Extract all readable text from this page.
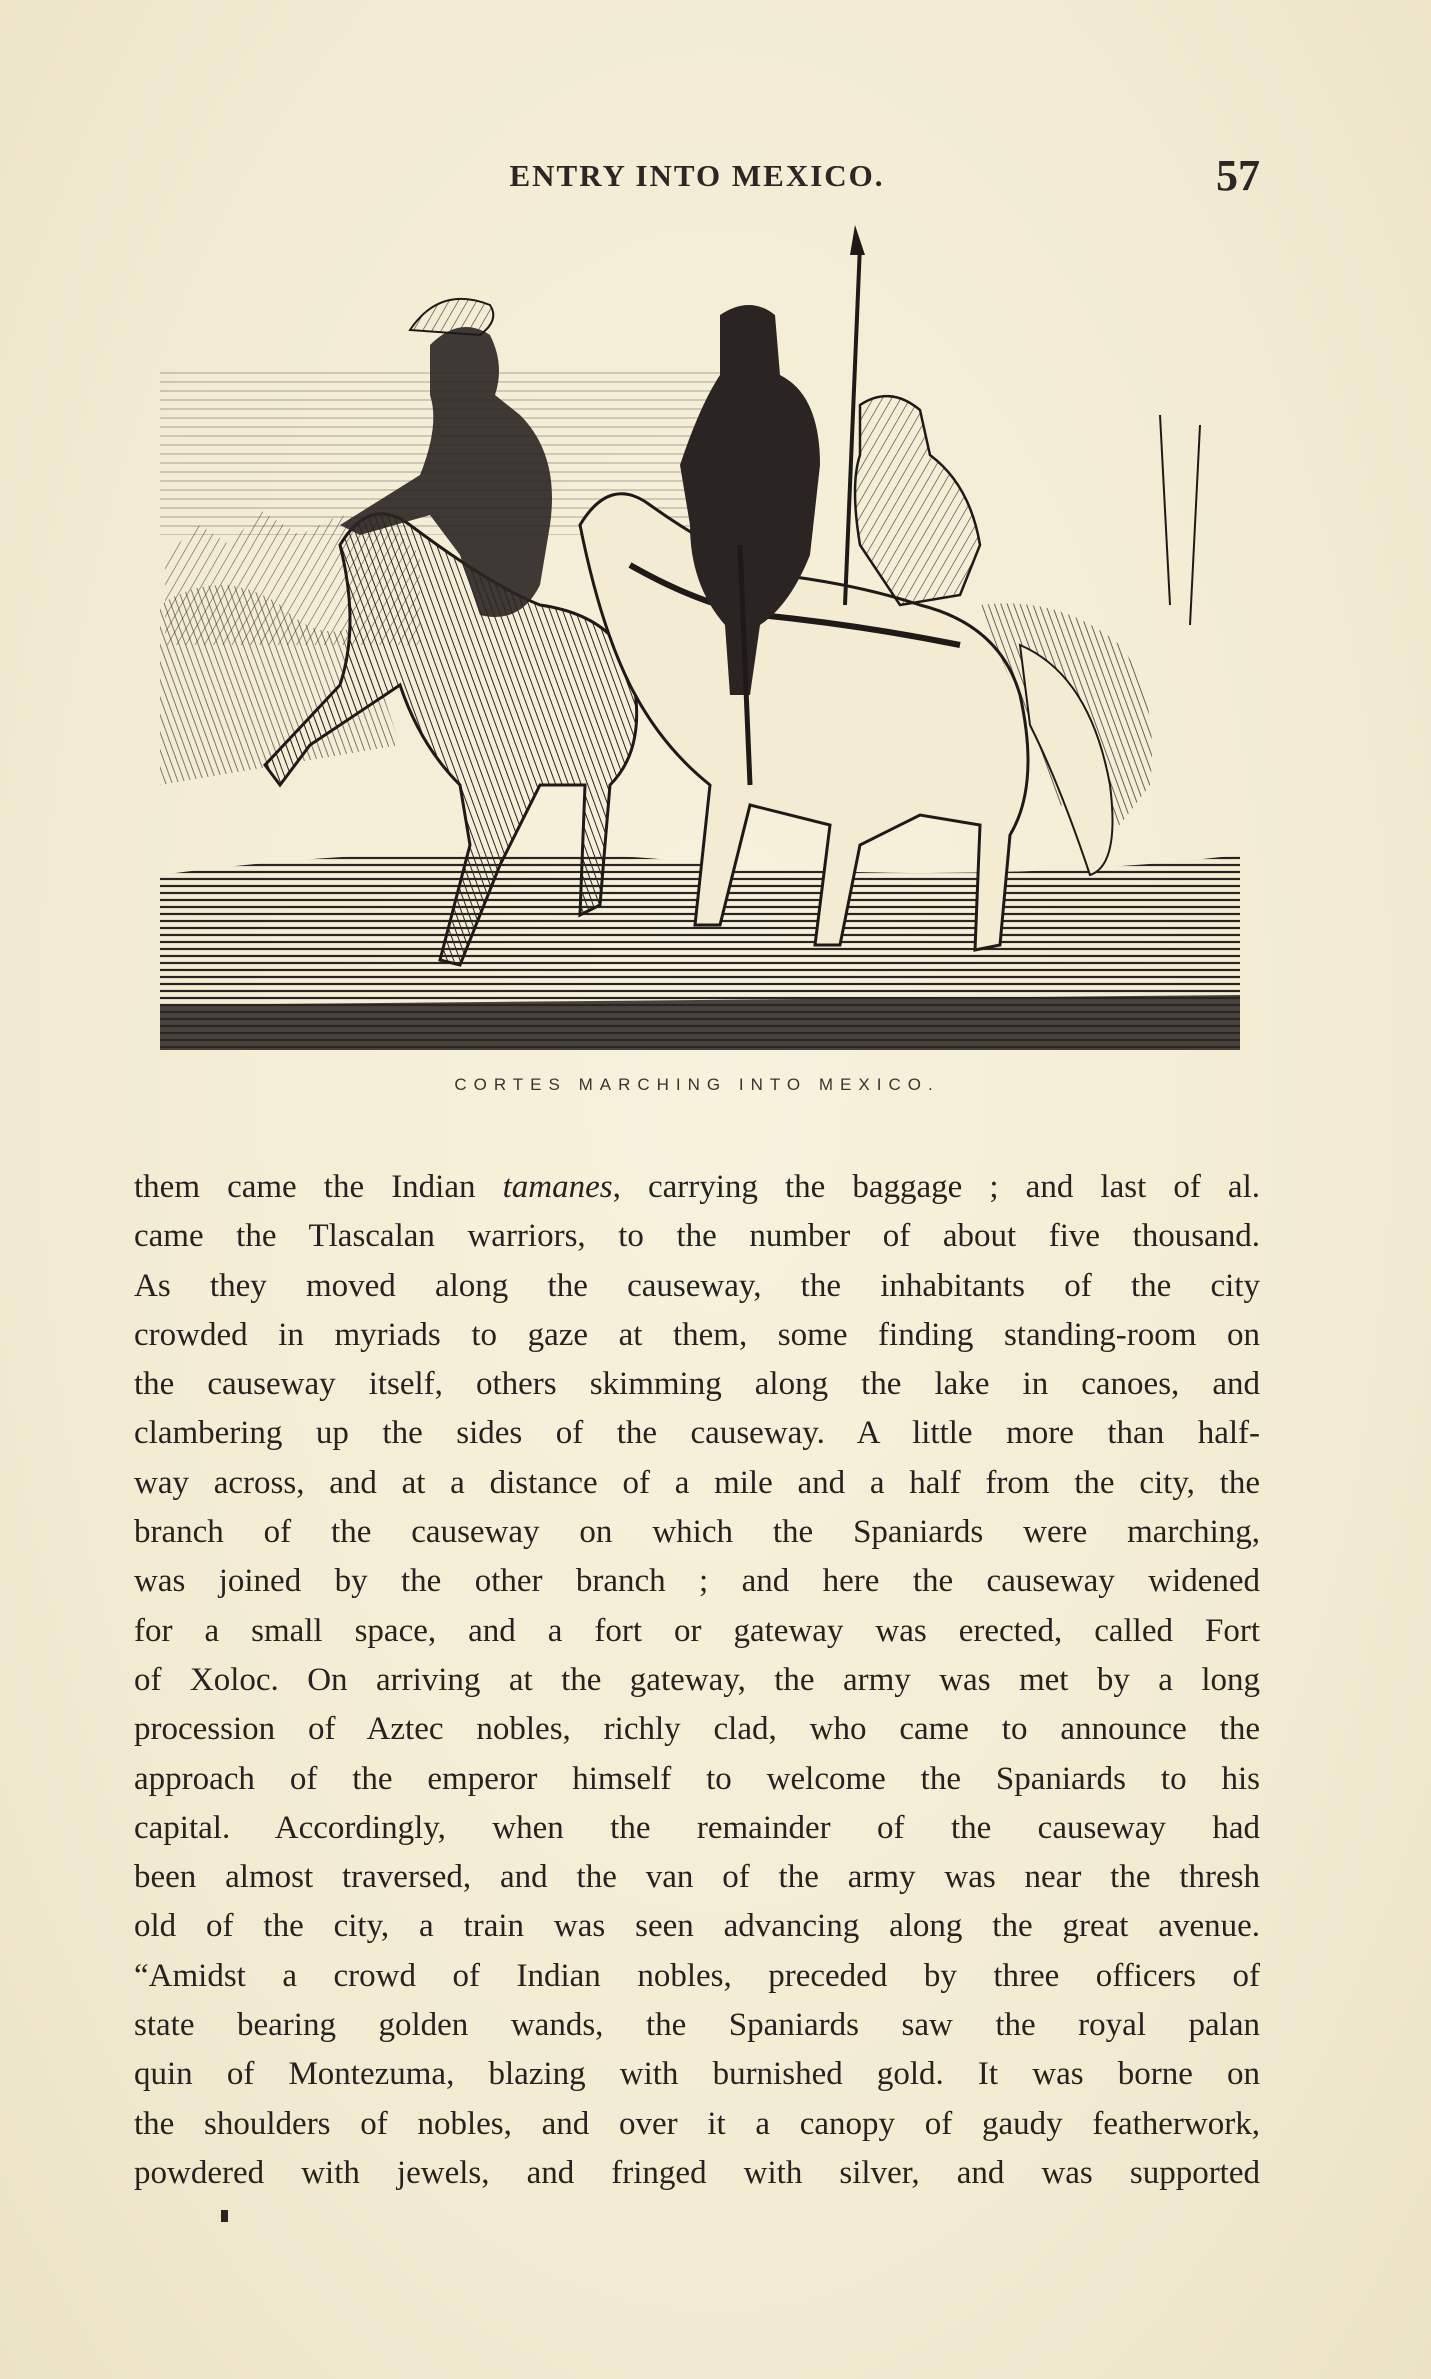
ENTRY INTO MEXICO.	57
CORTES MARCHING INTO MEXICO.
them came the Indian tamanes, carrying the baggage ; and last of al.
came the Tlascalan warriors, to the number of about five thousand.
As they moved along the causeway, the inhabitants of the city
crowded in myriads to gaze at them, some finding standing-room on
the causeway itself, others skimming along the lake in canoes, and
clambering up the sides of the causeway. A little more than half-
way across, and at a distance of a mile and a half from the city, the
branch of the causeway on which the Spaniards were marching,
was joined by the other branch ; and here the causeway widened
for a small space, and a fort or gateway was erected, called Fort
of Xoloc. On arriving at the gateway, the army was met by a long
procession of Aztec nobles, richly clad, who came to announce the
approach of the emperor himself to welcome the Spaniards to his
capital. Accordingly, when the remainder of the causeway had
been almost traversed, and the van of the army was near the thresh
old of the city, a train was seen advancing along the great avenue.
“Amidst a crowd of Indian nobles, preceded by three officers of
state bearing golden wands, the Spaniards saw the royal palan
quin of Montezuma, blazing with burnished gold. It was borne on
the shoulders of nobles, and over it a canopy of gaudy featherwork,
powdered with jewels, and fringed with silver, and was supported
